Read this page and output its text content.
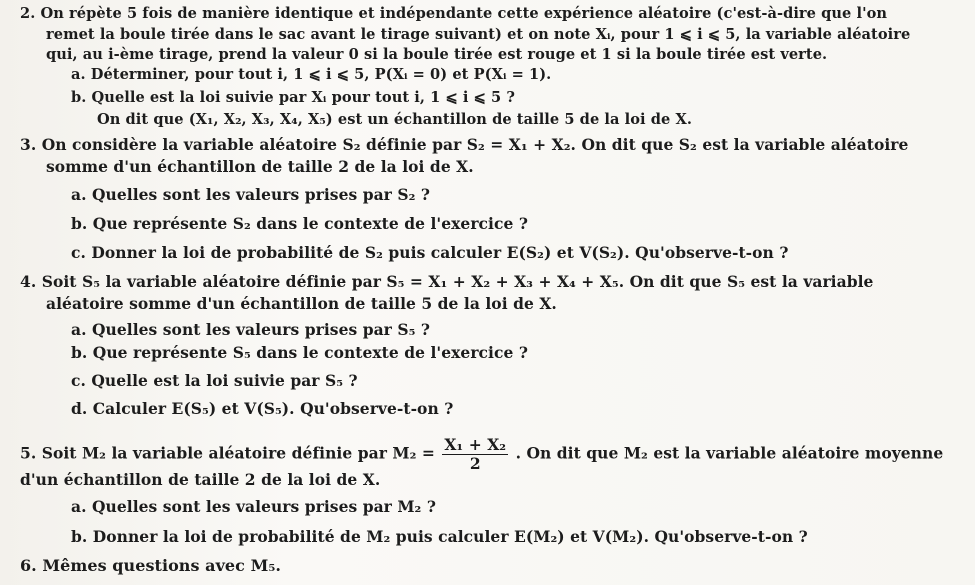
2. On répète 5 fois de manière identique et indépendante cette expérience aléatoire (c'est-à-dire que l'on
remet la boule tirée dans le sac avant le tirage suivant) et on note Xᵢ, pour 1 ⩽ i ⩽ 5, la variable aléatoire
qui, au i-ème tirage, prend la valeur 0 si la boule tirée est rouge et 1 si la boule tirée est verte.
a. Déterminer, pour tout i, 1 ⩽ i ⩽ 5, P(Xᵢ = 0) et P(Xᵢ = 1).
b. Quelle est la loi suivie par Xᵢ pour tout i, 1 ⩽ i ⩽ 5 ?
On dit que (X₁, X₂, X₃, X₄, X₅) est un échantillon de taille 5 de la loi de X.
3. On considère la variable aléatoire S₂ définie par S₂ = X₁ + X₂. On dit que S₂ est la variable aléatoire
somme d'un échantillon de taille 2 de la loi de X.
a. Quelles sont les valeurs prises par S₂ ?
b. Que représente S₂ dans le contexte de l'exercice ?
c. Donner la loi de probabilité de S₂ puis calculer E(S₂) et V(S₂). Qu'observe-t-on ?
4. Soit S₅ la variable aléatoire définie par S₅ = X₁ + X₂ + X₃ + X₄ + X₅. On dit que S₅ est la variable
aléatoire somme d'un échantillon de taille 5 de la loi de X.
a. Quelles sont les valeurs prises par S₅ ?
b. Que représente S₅ dans le contexte de l'exercice ?
c. Quelle est la loi suivie par S₅ ?
d. Calculer E(S₅) et V(S₅). Qu'observe-t-on ?
5. Soit M₂ la variable aléatoire définie par $M_2 = \frac{\text{X₁ + X₂}}{2}$ . On dit que M₂ est la variable aléatoire moyenne
d'un échantillon de taille 2 de la loi de X.
a. Quelles sont les valeurs prises par M₂ ?
b. Donner la loi de probabilité de M₂ puis calculer E(M₂) et V(M₂). Qu'observe-t-on ?
6. Mêmes questions avec M₅.
